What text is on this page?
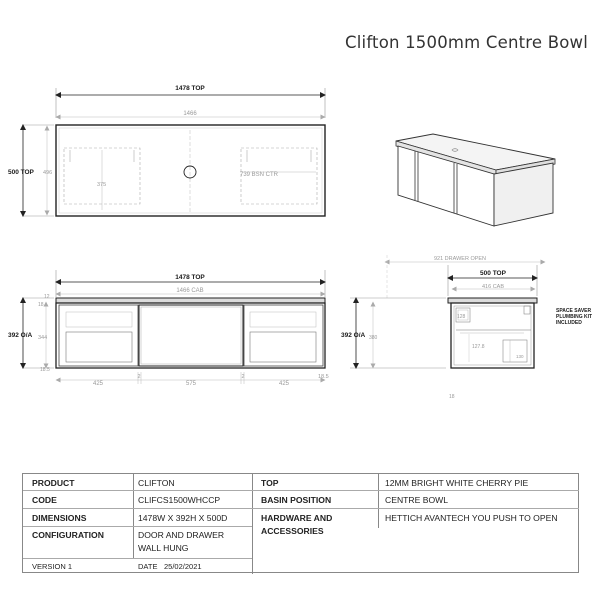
Clifton 1500mm Centre Bowl
1478 TOP
1466
375
739 BSN CTR
500 TOP 496
1478 TOP
1466 CAB
392 O/A 344
12
18
18.5
425
2
575
2
425
18.5
921 DRAWER OPEN
500 TOP
416 CAB
128
127.8
130
392 O/A 380
SPACE SAVER
PLUMBING KIT
INCLUDED
18
PRODUCT	CLIFTON
CODE	CLIFCS1500WHCCP
DIMENSIONS	1478W X 392H X 500D
CONFIGURATION	DOOR AND DRAWER
WALL HUNG
VERSION 1	DATE 25/02/2021
TOP	12MM BRIGHT WHITE CHERRY PIE
BASIN POSITION	CENTRE BOWL
HARDWARE AND
ACCESSORIES
HETTICH AVANTECH YOU PUSH TO OPEN
